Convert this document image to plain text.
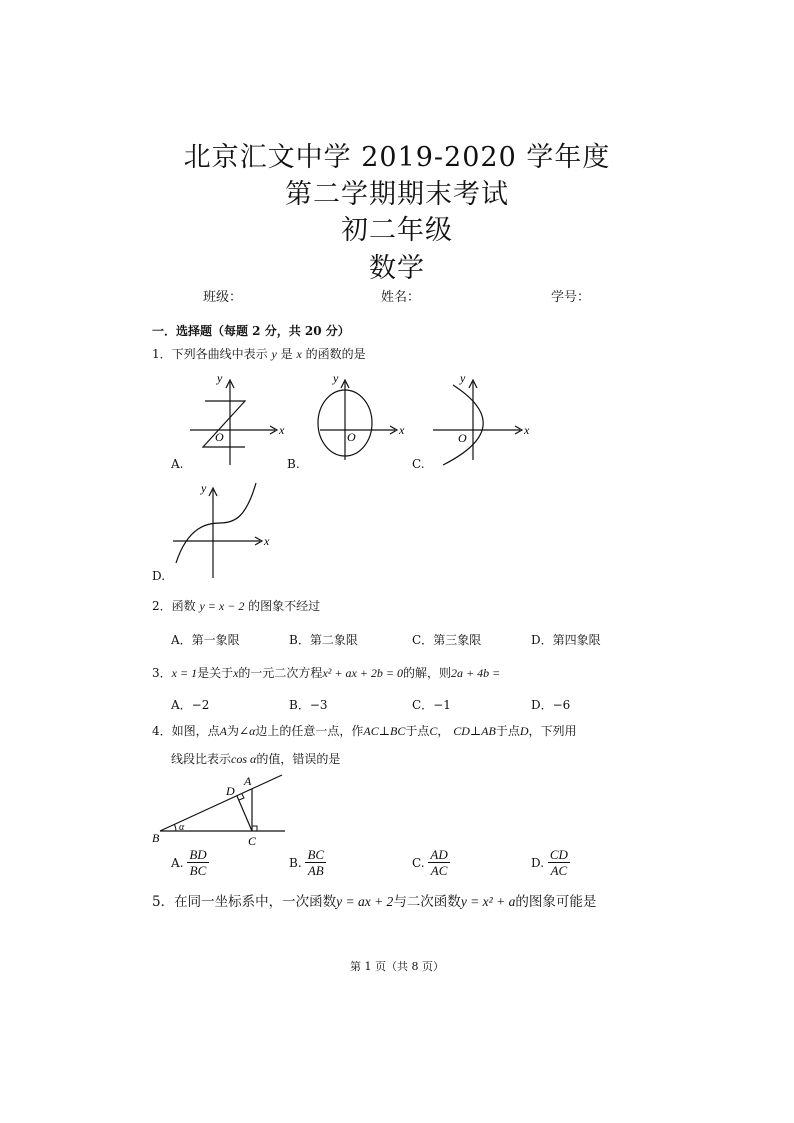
北京汇文中学 2019-2020 学年度
第二学期期末考试
初二年级
数学
班级：	姓名：	学号：
一．选择题（每题 2 分，共 20 分）
1．下列各曲线中表示 y 是 x 的函数的是
O	x
y
A.
O	x
y
B.
O
x
y
C.
x
y
D.
2．函数 y = x − 2 的图象不经过
A．第一象限	B．第二象限	C．第三象限	D．第四象限
3．x = 1是关于x的一元二次方程x² + ax + 2b = 0的解，则2a + 4b =
A．−2	B．−3	C．−1	D．−6
4．如图，点A为∠α边上的任意一点，作AC⊥BC于点C， CD⊥AB于点D，下列用
线段比表示cos α的值，错误的是
A
B	C
D
α
A.
$\frac{BD}{BC}$	B.
$\frac{BC}{AB}$	C.
$\frac{AD}{AC}$	D.
$\frac{CD}{AC}$
5．在同一坐标系中，一次函数y = ax + 2与二次函数y = x² + a的图象可能是
第 1 页（共 8 页）
